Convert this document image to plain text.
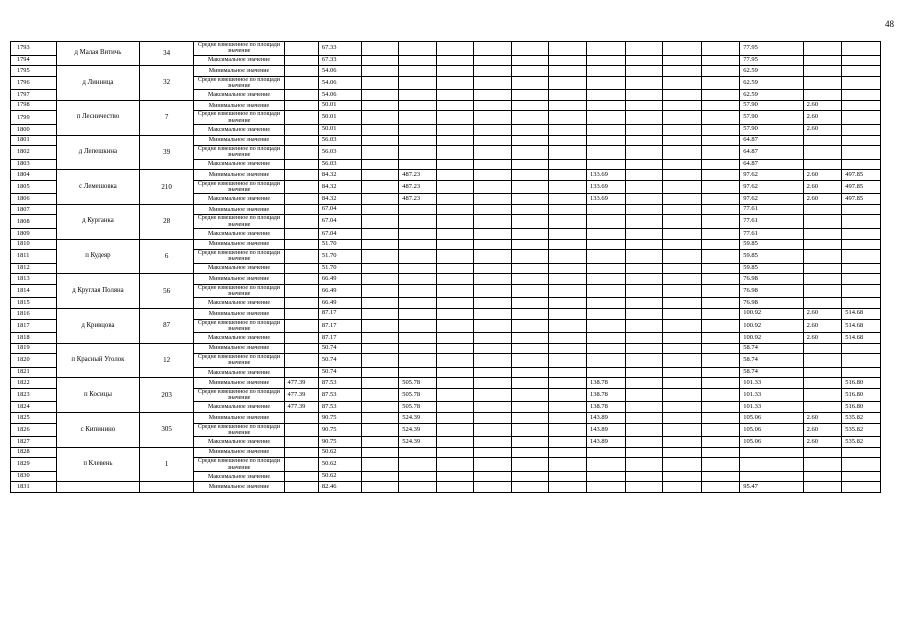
48
1793	д Малая Витичь	34	Средне взвешенное по площади значение		67.33											77.95		
1794			Максимальное значение		67.33											77.95		
1795	д Линница	32	Минимальное значение		54.06											62.59		
1796			Средне взвешенное по площади значение		54.06											62.59		
1797			Максимальное значение		54.06											62.59		
1798	п Лесничество	7	Минимальное значение		50.01											57.90	2.60	
1799			Средне взвешенное по площади значение		50.01											57.90	2.60	
1800			Максимальное значение		50.01											57.90	2.60	
1801	д Лепешкина	39	Минимальное значение		56.03											64.87		
1802			Средне взвешенное по площади значение		56.03											64.87		
1803			Максимальное значение		56.03											64.87		
1804	с Лемешовка	210	Минимальное значение		84.32		487.23					133.69				97.62	2.60	497.85
1805			Средне взвешенное по площади значение		84.32		487.23					133.69				97.62	2.60	497.85
1806			Максимальное значение		84.32		487.23					133.69				97.62	2.60	497.85
1807	д Курганка	28	Минимальное значение		67.04											77.61		
1808			Средне взвешенное по площади значение		67.04											77.61		
1809			Максимальное значение		67.04											77.61		
1810	п Кудеяр	6	Минимальное значение		51.70											59.85		
1811			Средне взвешенное по площади значение		51.70											59.85		
1812			Максимальное значение		51.70											59.85		
1813	д Круглая Поляна	56	Минимальное значение		66.49											76.98		
1814			Средне взвешенное по площади значение		66.49											76.98		
1815			Максимальное значение		66.49											76.98		
1816	д Кривцова	87	Минимальное значение		87.17											100.92	2.60	514.68
1817			Средне взвешенное по площади значение		87.17											100.92	2.60	514.68
1818			Максимальное значение		87.17											100.92	2.60	514.68
1819	п Красный Уголок	12	Минимальное значение		50.74											58.74		
1820			Средне взвешенное по площади значение		50.74											58.74		
1821			Максимальное значение		50.74											58.74		
1822	п Косицы	203	Минимальное значение	477.39	87.53		505.78					138.78				101.33		516.80
1823			Средне взвешенное по площади значение	477.39	87.53		505.78					138.78				101.33		516.80
1824			Максимальное значение	477.39	87.53		505.78					138.78				101.33		516.80
1825	с Кипинино	305	Минимальное значение		90.75		524.39					143.89				105.06	2.60	535.82
1826			Средне взвешенное по площади значение		90.75		524.39					143.89				105.06	2.60	535.82
1827			Максимальное значение		90.75		524.39					143.89				105.06	2.60	535.82
1828	п Клевень	1	Минимальное значение		50.62													
1829			Средне взвешенное по площади значение		50.62													
1830			Максимальное значение		50.62													
1831			Минимальное значение		82.46											95.47		
